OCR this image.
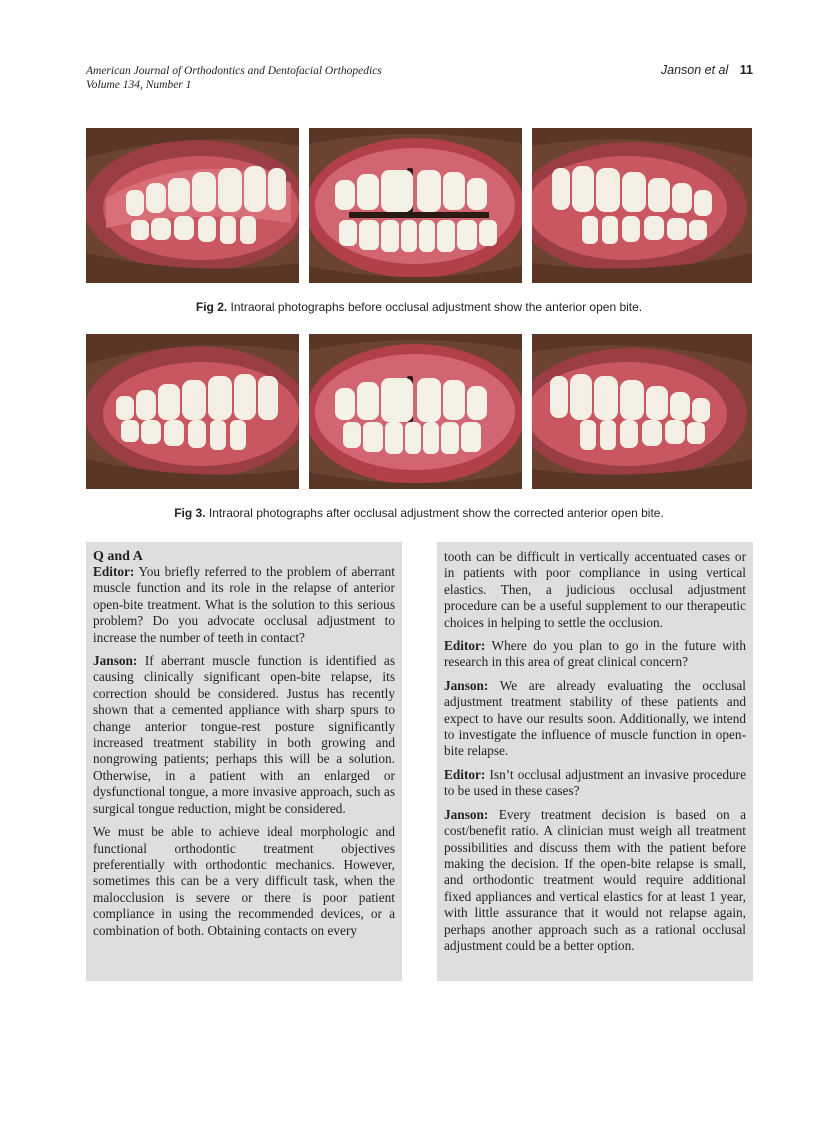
American Journal of Orthodontics and Dentofacial Orthopedics
Volume 134, Number 1
Janson et al 11
Fig 2. Intraoral photographs before occlusal adjustment show the anterior open bite.
Fig 3. Intraoral photographs after occlusal adjustment show the corrected anterior open bite.
Q and A

Editor: You briefly referred to the problem of aberrant muscle function and its role in the relapse of anterior open-bite treatment. What is the solution to this serious problem? Do you advocate occlusal adjustment to increase the number of teeth in contact?

Janson: If aberrant muscle function is identified as causing clinically significant open-bite relapse, its correction should be considered. Justus has recently shown that a cemented appliance with sharp spurs to change anterior tongue-rest posture significantly increased treatment stability in both growing and nongrowing patients; perhaps this will be a solution. Otherwise, in a patient with an enlarged or dysfunctional tongue, a more invasive approach, such as surgical tongue reduction, might be considered.

We must be able to achieve ideal morphologic and functional orthodontic treatment objectives preferentially with orthodontic mechanics. However, sometimes this can be a very difficult task, when the malocclusion is severe or there is poor patient compliance in using the recommended devices, or a combination of both. Obtaining contacts on every

tooth can be difficult in vertically accentuated cases or in patients with poor compliance in using vertical elastics. Then, a judicious occlusal adjustment procedure can be a useful supplement to our therapeutic choices in helping to settle the occlusion.

Editor: Where do you plan to go in the future with research in this area of great clinical concern?

Janson: We are already evaluating the occlusal adjustment treatment stability of these patients and expect to have our results soon. Additionally, we intend to investigate the influence of muscle function in open-bite relapse.

Editor: Isn’t occlusal adjustment an invasive procedure to be used in these cases?

Janson: Every treatment decision is based on a cost/benefit ratio. A clinician must weigh all treatment possibilities and discuss them with the patient before making the decision. If the open-bite relapse is small, and orthodontic treatment would require additional fixed appliances and vertical elastics for at least 1 year, with little assurance that it would not relapse again, perhaps another approach such as a rational occlusal adjustment could be a better option.
